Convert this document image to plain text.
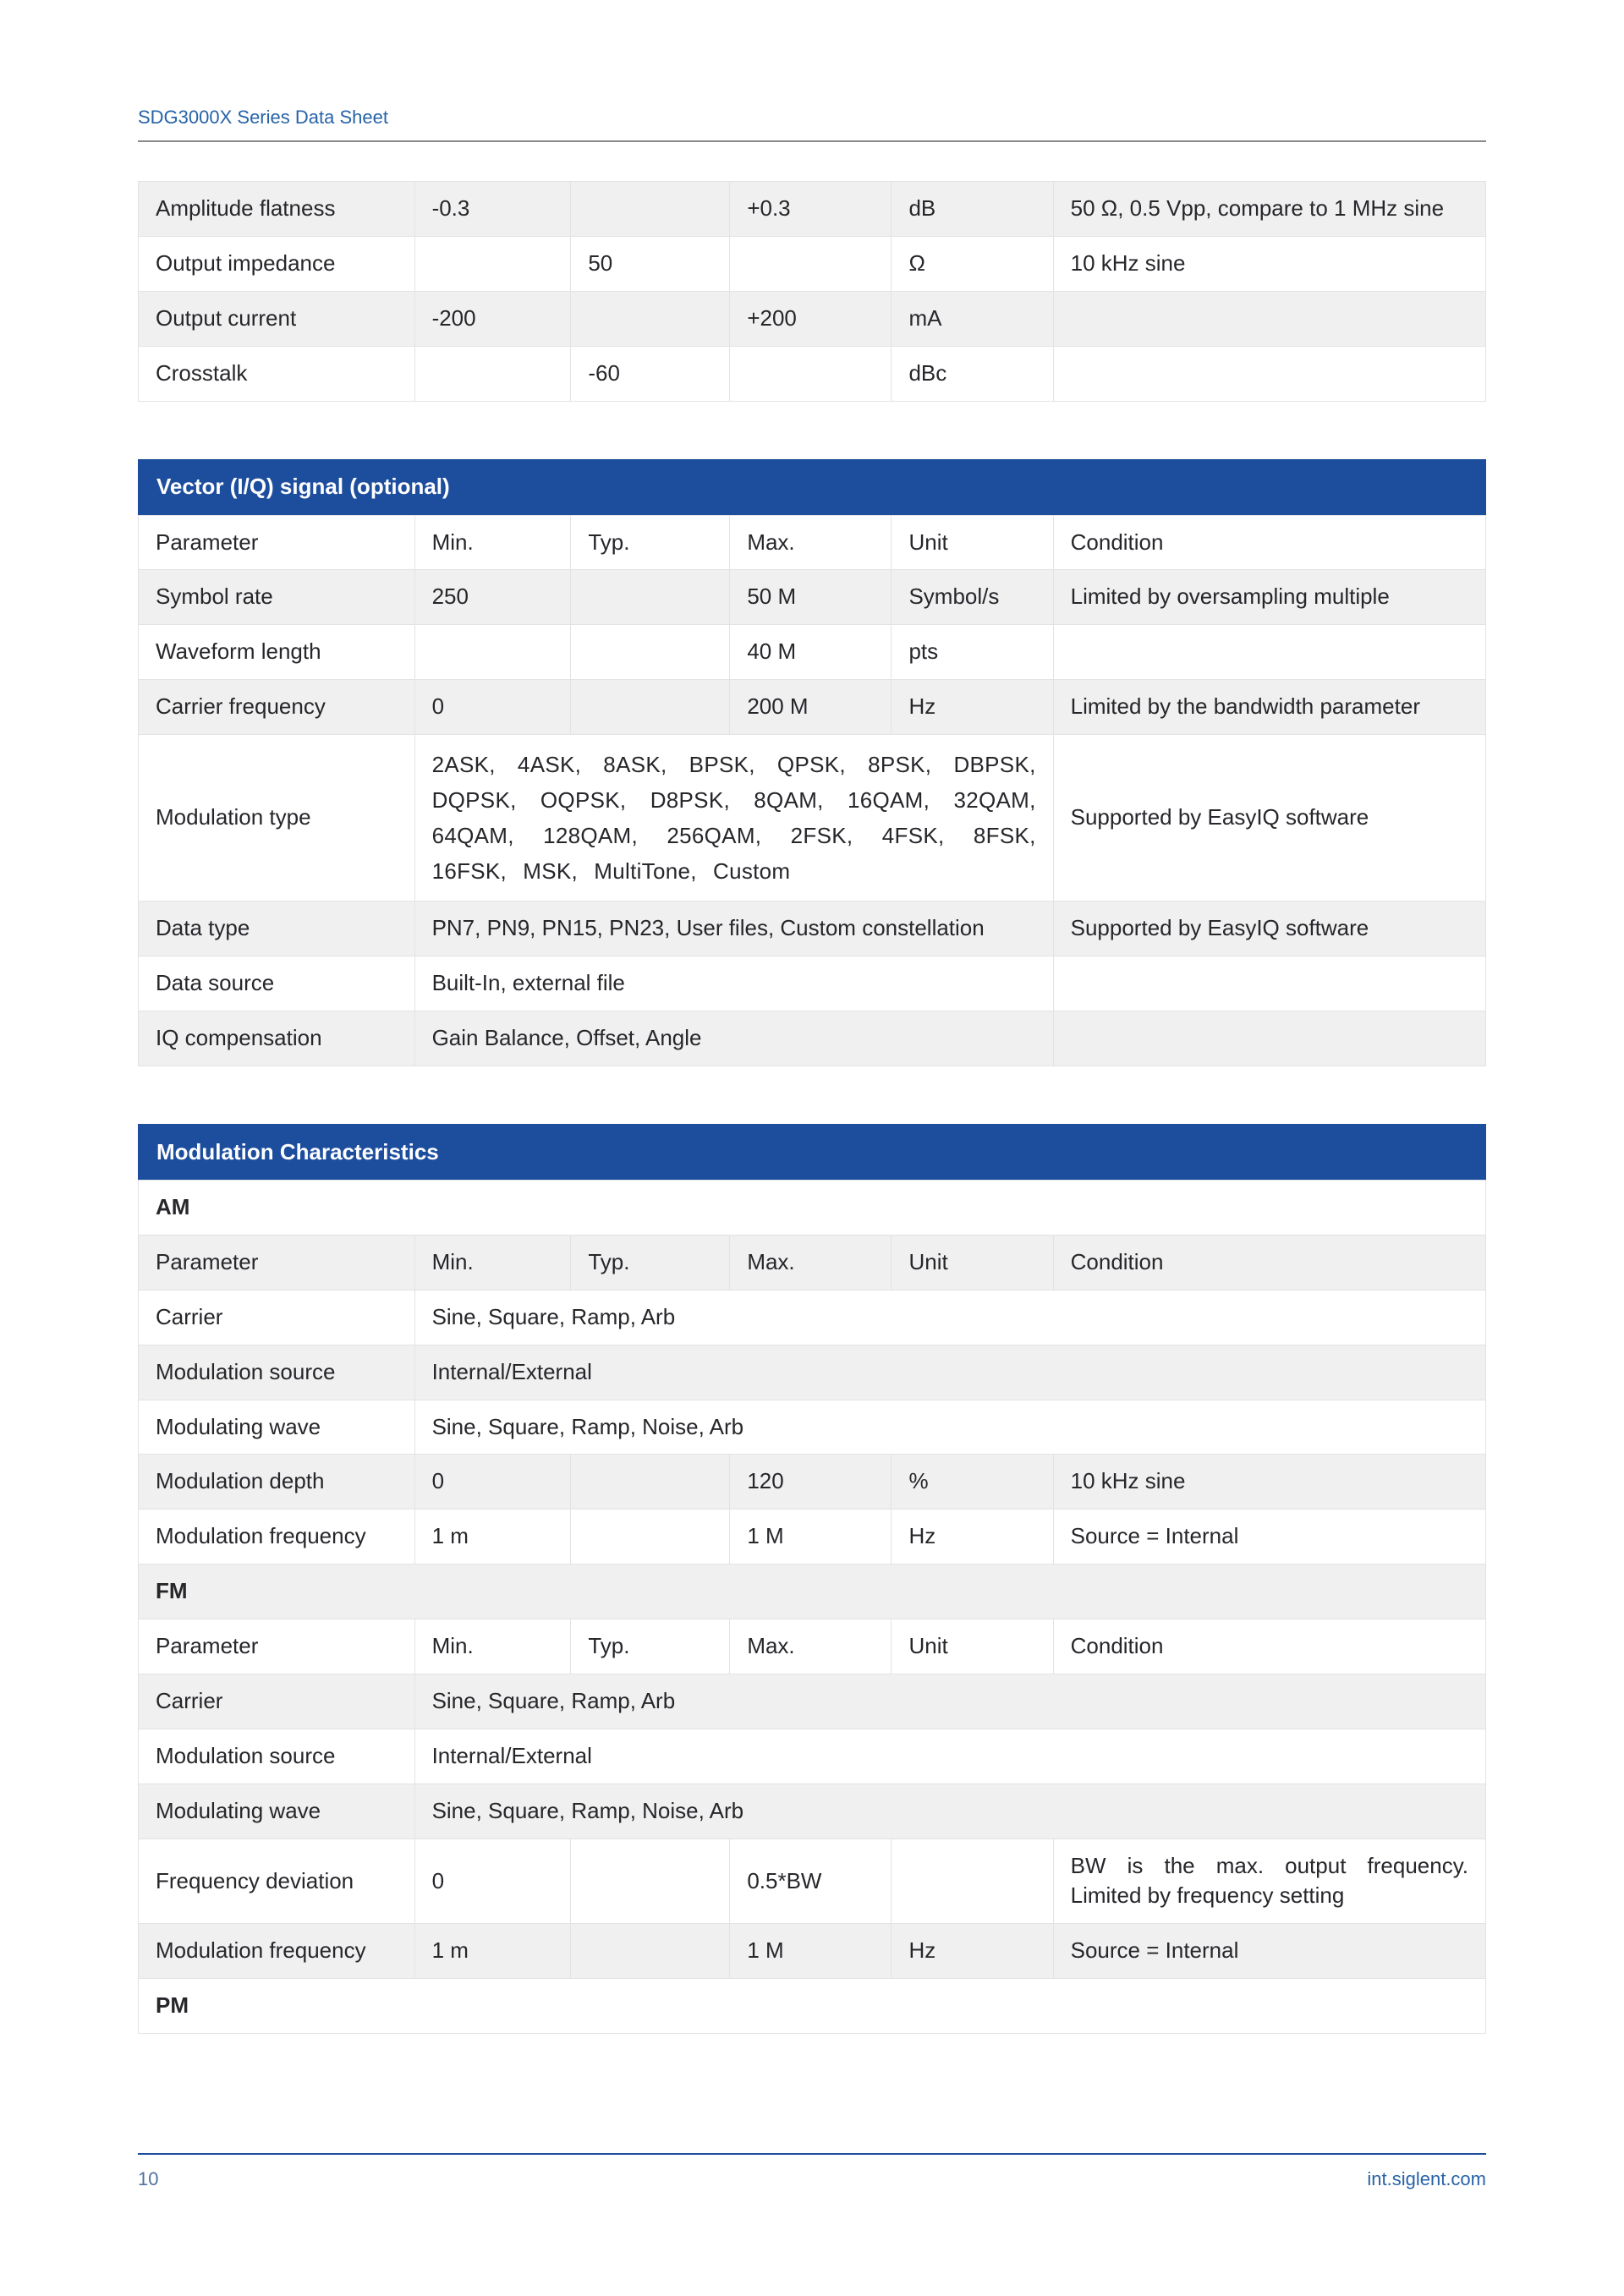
SDG3000X Series Data Sheet
Amplitude flatness	-0.3		+0.3	dB	50 Ω, 0.5 Vpp, compare to 1 MHz sine
Output impedance		50		Ω	10 kHz sine
Output current	-200		+200	mA	
Crosstalk		-60		dBc	
Vector (I/Q) signal (optional)
Parameter	Min.	Typ.	Max.	Unit	Condition
Symbol rate	250		50 M	Symbol/s	Limited by oversampling multiple
Waveform length			40 M	pts	
Carrier frequency	0		200 M	Hz	Limited by the bandwidth parameter
Modulation type	2ASK, 4ASK, 8ASK, BPSK, QPSK, 8PSK, DBPSK, DQPSK, OQPSK, D8PSK, 8QAM, 16QAM, 32QAM, 64QAM, 128QAM, 256QAM, 2FSK, 4FSK, 8FSK, 16FSK, MSK, MultiTone, Custom				Supported by EasyIQ software
Data type	PN7, PN9, PN15, PN23, User files, Custom constellation				Supported by EasyIQ software
Data source	Built-In, external file				
IQ compensation	Gain Balance, Offset, Angle				
Modulation Characteristics
AM					
Parameter	Min.	Typ.	Max.	Unit	Condition
Carrier	Sine, Square, Ramp, Arb				
Modulation source	Internal/External				
Modulating wave	Sine, Square, Ramp, Noise, Arb				
Modulation depth	0		120	%	10 kHz sine
Modulation frequency	1 m		1 M	Hz	Source = Internal
FM					
Parameter	Min.	Typ.	Max.	Unit	Condition
Carrier	Sine, Square, Ramp, Arb				
Modulation source	Internal/External				
Modulating wave	Sine, Square, Ramp, Noise, Arb				
Frequency deviation	0		0.5*BW		BW is the max. output frequency. Limited by frequency setting
Modulation frequency	1 m		1 M	Hz	Source = Internal
PM					
10	int.siglent.com
